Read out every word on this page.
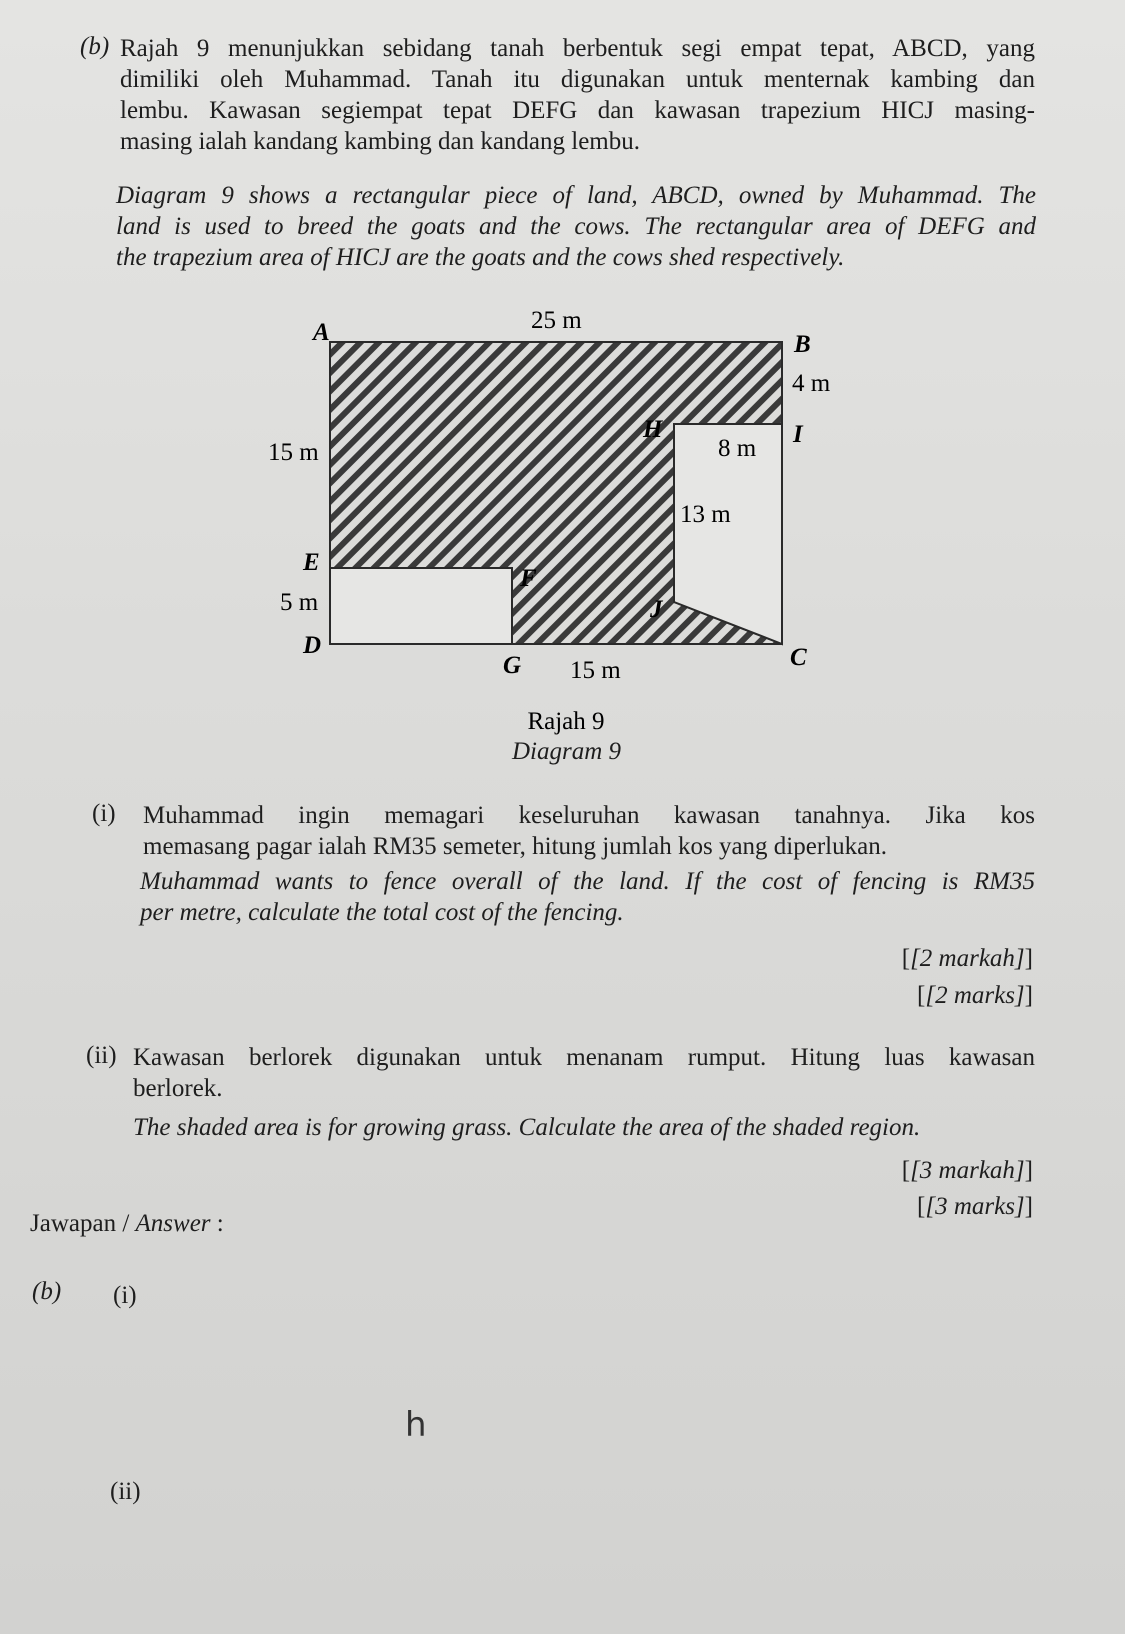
(b) Rajah 9 menunjukkan sebidang tanah berbentuk segi empat tepat, ABCD, yang
dimiliki oleh Muhammad. Tanah itu digunakan untuk menternak kambing dan
lembu. Kawasan segiempat tepat DEFG dan kawasan trapezium HICJ masing-
masing ialah kandang kambing dan kandang lembu.
Diagram 9 shows a rectangular piece of land, ABCD, owned by Muhammad. The
land is used to breed the goats and the cows. The rectangular area of DEFG and
the trapezium area of HICJ are the goats and the cows shed respectively.
A	B
H	I
E
F
J
D
G	C
25 m
4 m
8 m
15 m
13 m
5 m
15 m
Rajah 9
Diagram 9
(i) Muhammad ingin memagari keseluruhan kawasan tanahnya. Jika kos
memasang pagar ialah RM35 semeter, hitung jumlah kos yang diperlukan.
Muhammad wants to fence overall of the land. If the cost of fencing is RM35
per metre, calculate the total cost of the fencing.
[[2 markah]]
[[2 marks]]
(ii) Kawasan berlorek digunakan untuk menanam rumput. Hitung luas kawasan
berlorek.
The shaded area is for growing grass. Calculate the area of the shaded region.
[[3 markah]]
[[3 marks]]
Jawapan / Answer :
(b) (i)
h
(ii)
